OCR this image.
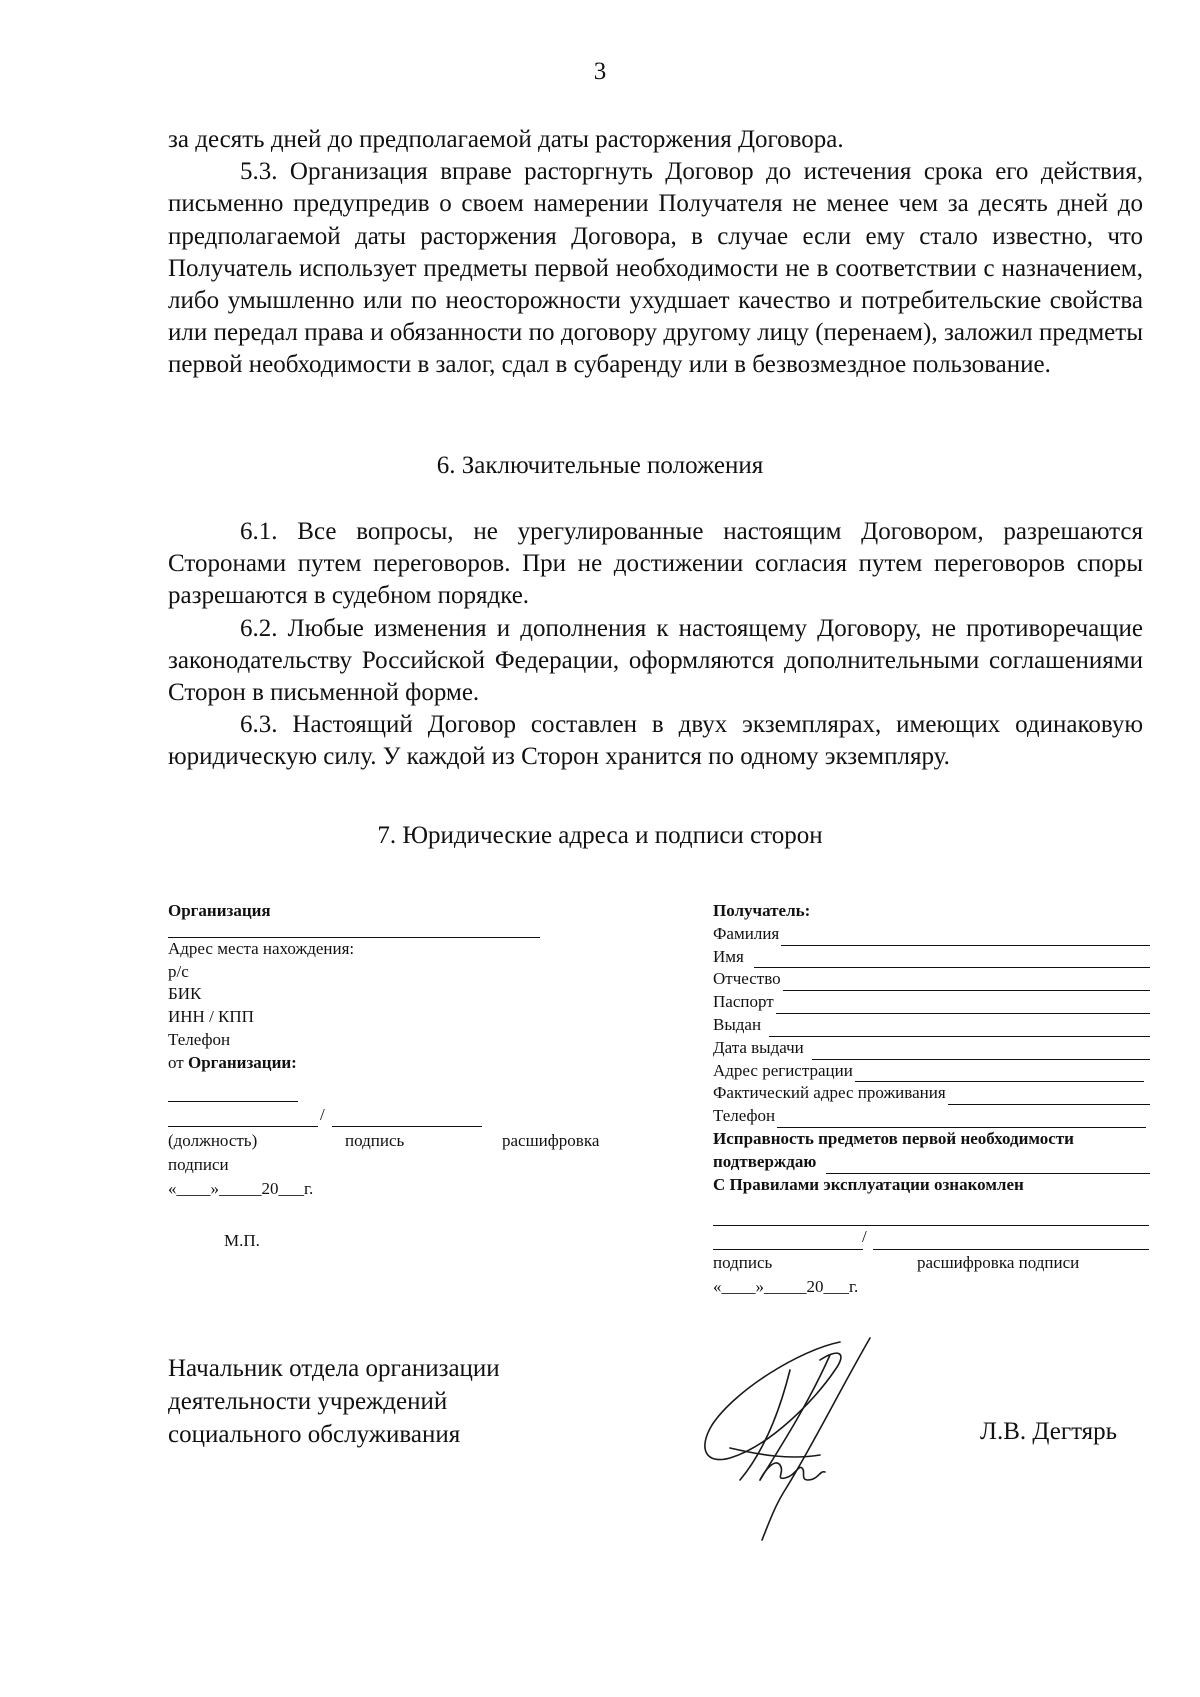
3

за десять дней до предполагаемой даты расторжения Договора.

5.3. Организация вправе расторгнуть Договор до истечения срока его действия, письменно предупредив о своем намерении Получателя не менее чем за десять дней до предполагаемой даты расторжения Договора, в случае если ему стало известно, что Получатель использует предметы первой необходимости не в соответствии с назначением, либо умышленно или по неосторожности ухудшает качество и потребительские свойства или передал права и обязанности по договору другому лицу (перенаем), заложил предметы первой необходимости в залог, сдал в субаренду или в безвозмездное пользование.

6. Заключительные положения

6.1. Все вопросы, не урегулированные настоящим Договором, разрешаются Сторонами путем переговоров. При не достижении согласия путем переговоров споры разрешаются в судебном порядке.

6.2. Любые изменения и дополнения к настоящему Договору, не противоречащие законодательству Российской Федерации, оформляются дополнительными соглашениями Сторон в письменной форме.

6.3. Настоящий Договор составлен в двух экземплярах, имеющих одинаковую юридическую силу. У каждой из Сторон хранится по одному экземпляру.

7. Юридические адреса и подписи сторон
Организация
Адрес места нахождения:
р/с
БИК
ИНН / КПП
Телефон
от Организации:
/
(должность)	подпись	расшифровка
подписи
«____»_____20___г.
М.П.
Получатель:
Фамилия
Имя
Отчество
Паспорт
Выдан
Дата выдачи
Адрес регистрации
Фактический адрес проживания
Телефон
Исправность предметов первой необходимости
подтверждаю
С Правилами эксплуатации ознакомлен
/
подпись	расшифровка подписи
«____»_____20___г.
Начальник отдела организации
деятельности учреждений
социального обслуживания	Л.В. Дегтярь
